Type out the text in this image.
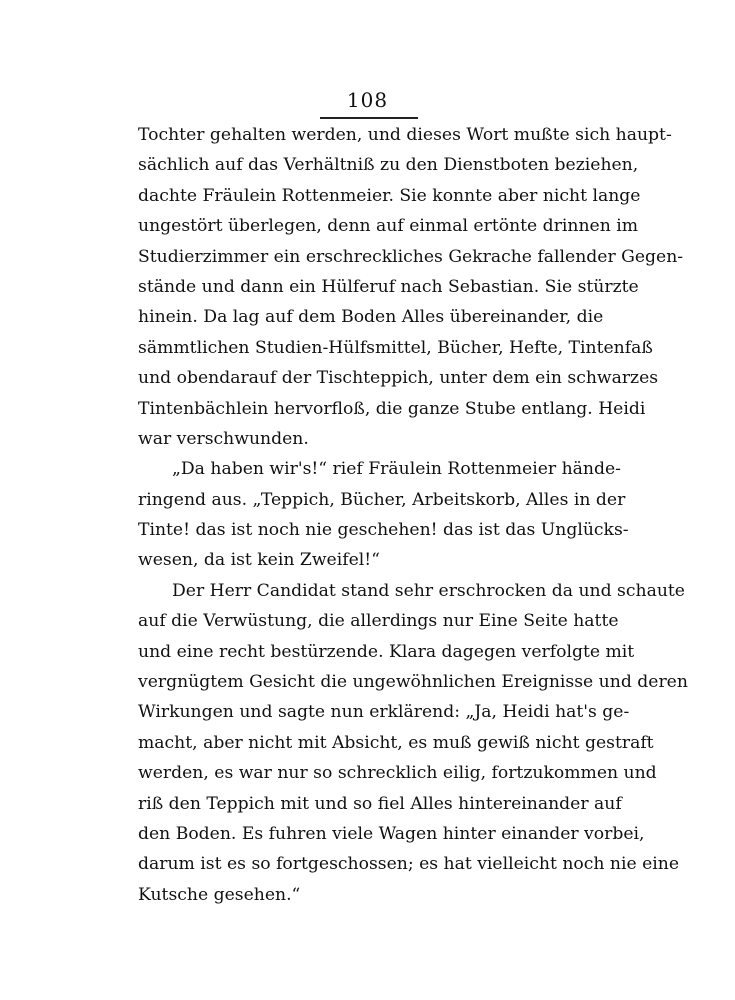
108

Tochter gehalten werden, und dieses Wort mußte sich haupt-
sächlich auf das Verhältniß zu den Dienstboten beziehen,
dachte Fräulein Rottenmeier. Sie konnte aber nicht lange
ungestört überlegen, denn auf einmal ertönte drinnen im
Studierzimmer ein erschreckliches Gekrache fallender Gegen-
stände und dann ein Hülferuf nach Sebastian. Sie stürzte
hinein. Da lag auf dem Boden Alles übereinander, die
sämmtlichen Studien-Hülfsmittel, Bücher, Hefte, Tintenfaß
und obendarauf der Tischteppich, unter dem ein schwarzes
Tintenbächlein hervorfloß, die ganze Stube entlang. Heidi
war verschwunden.
„Da haben wir's!“ rief Fräulein Rottenmeier hände-
ringend aus. „Teppich, Bücher, Arbeitskorb, Alles in der
Tinte! das ist noch nie geschehen! das ist das Unglücks-
wesen, da ist kein Zweifel!“
Der Herr Candidat stand sehr erschrocken da und schaute
auf die Verwüstung, die allerdings nur Eine Seite hatte
und eine recht bestürzende. Klara dagegen verfolgte mit
vergnügtem Gesicht die ungewöhnlichen Ereignisse und deren
Wirkungen und sagte nun erklärend: „Ja, Heidi hat's ge-
macht, aber nicht mit Absicht, es muß gewiß nicht gestraft
werden, es war nur so schrecklich eilig, fortzukommen und
riß den Teppich mit und so fiel Alles hintereinander auf
den Boden. Es fuhren viele Wagen hinter einander vorbei,
darum ist es so fortgeschossen; es hat vielleicht noch nie eine
Kutsche gesehen.“
